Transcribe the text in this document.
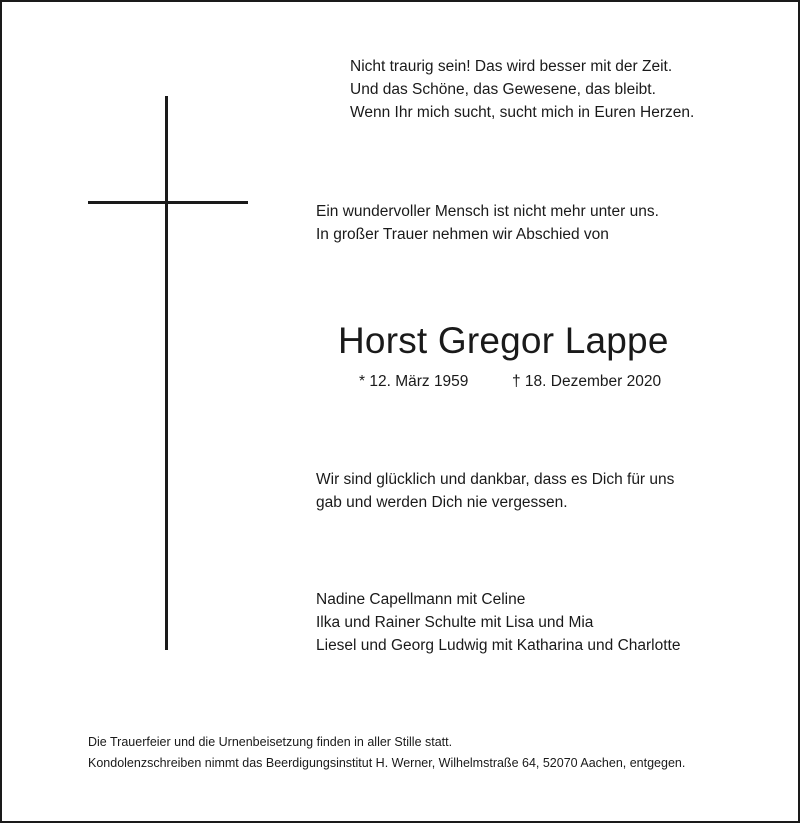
Nicht traurig sein! Das wird besser mit der Zeit.
Und das Schöne, das Gewesene, das bleibt.
Wenn Ihr mich sucht, sucht mich in Euren Herzen.

Ein wundervoller Mensch ist nicht mehr unter uns.
In großer Trauer nehmen wir Abschied von

Horst Gregor Lappe
* 12. März 1959	† 18. Dezember 2020

Wir sind glücklich und dankbar, dass es Dich für uns
gab und werden Dich nie vergessen.

Nadine Capellmann mit Celine
Ilka und Rainer Schulte mit Lisa und Mia
Liesel und Georg Ludwig mit Katharina und Charlotte

Die Trauerfeier und die Urnenbeisetzung finden in aller Stille statt.
Kondolenzschreiben nimmt das Beerdigungsinstitut H. Werner, Wilhelmstraße 64, 52070 Aachen, entgegen.
